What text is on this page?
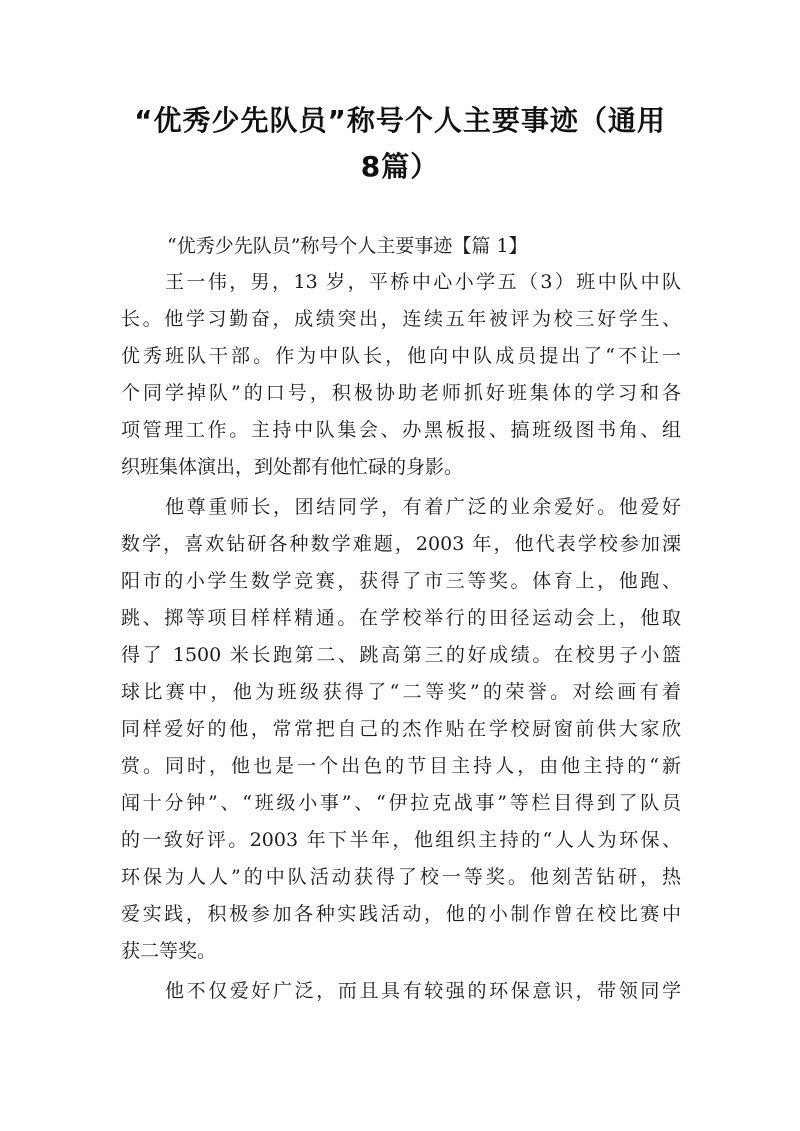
“优秀少先队员”称号个人主要事迹（通用
8篇）

“优秀少先队员”称号个人主要事迹【篇 1】

王一伟，男，13 岁，平桥中心小学五（3）班中队中队
长。他学习勤奋，成绩突出，连续五年被评为校三好学生、
优秀班队干部。作为中队长，他向中队成员提出了“不让一
个同学掉队”的口号，积极协助老师抓好班集体的学习和各
项管理工作。主持中队集会、办黑板报、搞班级图书角、组
织班集体演出，到处都有他忙碌的身影。
他尊重师长，团结同学，有着广泛的业余爱好。他爱好
数学，喜欢钻研各种数学难题，2003 年，他代表学校参加溧
阳市的小学生数学竞赛，获得了市三等奖。体育上，他跑、
跳、掷等项目样样精通。在学校举行的田径运动会上，他取
得了 1500 米长跑第二、跳高第三的好成绩。在校男子小篮
球比赛中，他为班级获得了“二等奖”的荣誉。对绘画有着
同样爱好的他，常常把自己的杰作贴在学校厨窗前供大家欣
赏。同时，他也是一个出色的节目主持人，由他主持的“新
闻十分钟”、“班级小事”、“伊拉克战事”等栏目得到了队员
的一致好评。2003 年下半年，他组织主持的“人人为环保、
环保为人人”的中队活动获得了校一等奖。他刻苦钻研，热
爱实践，积极参加各种实践活动，他的小制作曾在校比赛中
获二等奖。
他不仅爱好广泛，而且具有较强的环保意识，带领同学
